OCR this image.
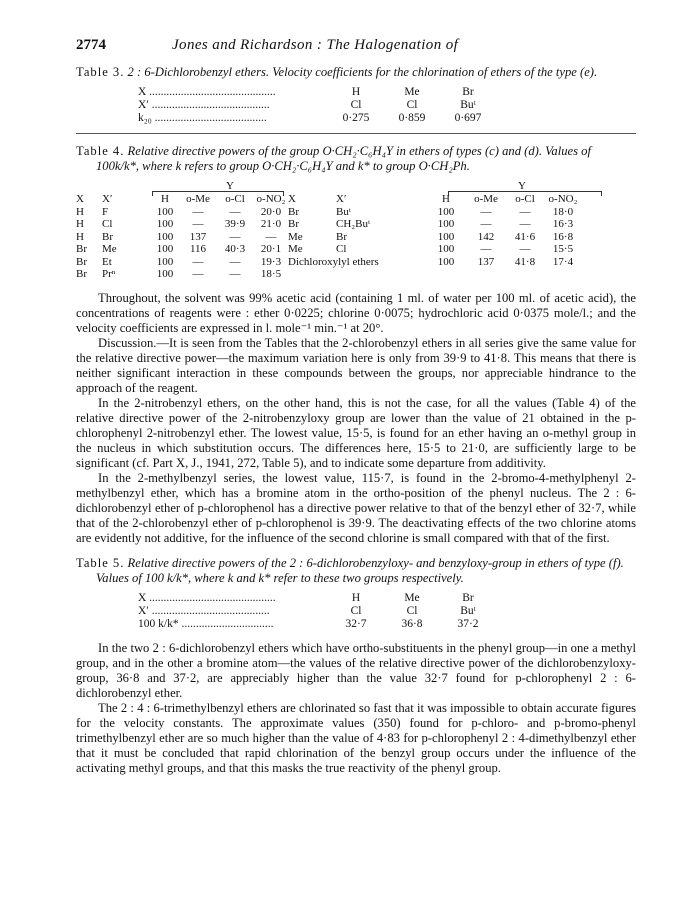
2774	Jones and Richardson : The Halogenation of
Table 3. 2 : 6-Dichlorobenzyl ethers. Velocity coefficients for the chlorination of ethers of the type (e).
X ............................................	H	Me	Br
X′ .........................................	Cl	Cl	Buᵗ
k₂₀ .......................................	0·275	0·859	0·697
Table 4. Relative directive powers of the group O·CH₂·C₆H₄Y in ethers of types (c) and (d). Values of 100k/k*, where k refers to group O·CH₂·C₆H₄Y and k* to group O·CH₂Ph.
Y	Y
X	X′	H	o-Me	o-Cl	o-NO₂ X	X′	H	o-Me	o-Cl	o-NO₂
H	F	100	—	—	20·0 Br	Buᵗ	100	—	—	18·0
H	Cl	100	—	39·9	21·0 Br	CH₂Buᵗ	100	—	—	16·3
H	Br	100	137	—	—	Me	Br	100	142	41·6	16·8
Br	Me	100	116	40·3	20·1 Me	Cl	100	—	—	15·5
Br	Et	100	—	—	19·3 Dichloroxylyl ethers	100	137	41·8	17·4
Br	Prⁿ	100	—	—	18·5

Throughout, the solvent was 99% acetic acid (containing 1 ml. of water per 100 ml. of acetic acid), the concentrations of reagents were : ether 0·0225; chlorine 0·0075; hydrochloric acid 0·0375 mole/l.; and the velocity coefficients are expressed in l. mole⁻¹ min.⁻¹ at 20°.

Discussion.—It is seen from the Tables that the 2-chlorobenzyl ethers in all series give the same value for the relative directive power—the maximum variation here is only from 39·9 to 41·8. This means that there is neither significant interaction in these compounds between the groups, nor appreciable hindrance to the approach of the reagent.

In the 2-nitrobenzyl ethers, on the other hand, this is not the case, for all the values (Table 4) of the relative directive power of the 2-nitrobenzyloxy group are lower than the value of 21 obtained in the p-chlorophenyl 2-nitrobenzyl ether. The lowest value, 15·5, is found for an ether having an o-methyl group in the nucleus in which substitution occurs. The differences here, 15·5 to 21·0, are sufficiently large to be significant (cf. Part X, J., 1941, 272, Table 5), and to indicate some departure from additivity.

In the 2-methylbenzyl series, the lowest value, 115·7, is found in the 2-bromo-4-methylphenyl 2-methylbenzyl ether, which has a bromine atom in the ortho-position of the phenyl nucleus. The 2 : 6-dichlorobenzyl ether of p-chlorophenol has a directive power relative to that of the benzyl ether of 32·7, while that of the 2-chlorobenzyl ether of p-chlorophenol is 39·9. The deactivating effects of the two chlorine atoms are evidently not additive, for the influence of the second chlorine is small compared with that of the first.

Table 5. Relative directive powers of the 2 : 6-dichlorobenzyloxy- and benzyloxy-group in ethers of type (f). Values of 100 k/k*, where k and k* refer to these two groups respectively.
X ............................................	H	Me	Br
X′ .........................................	Cl	Cl	Buᵗ
100 k/k* ................................	32·7	36·8	37·2

In the two 2 : 6-dichlorobenzyl ethers which have ortho-substituents in the phenyl group—in one a methyl group, and in the other a bromine atom—the values of the relative directive power of the dichlorobenzyloxy-group, 36·8 and 37·2, are appreciably higher than the value 32·7 found for p-chlorophenyl 2 : 6-dichlorobenzyl ether.

The 2 : 4 : 6-trimethylbenzyl ethers are chlorinated so fast that it was impossible to obtain accurate figures for the velocity constants. The approximate values (350) found for p-chloro- and p-bromo-phenyl trimethylbenzyl ether are so much higher than the value of 4·83 for p-chlorophenyl 2 : 4-dimethylbenzyl ether that it must be concluded that rapid chlorination of the benzyl group occurs under the influence of the activating methyl groups, and that this masks the true reactivity of the phenyl group.
